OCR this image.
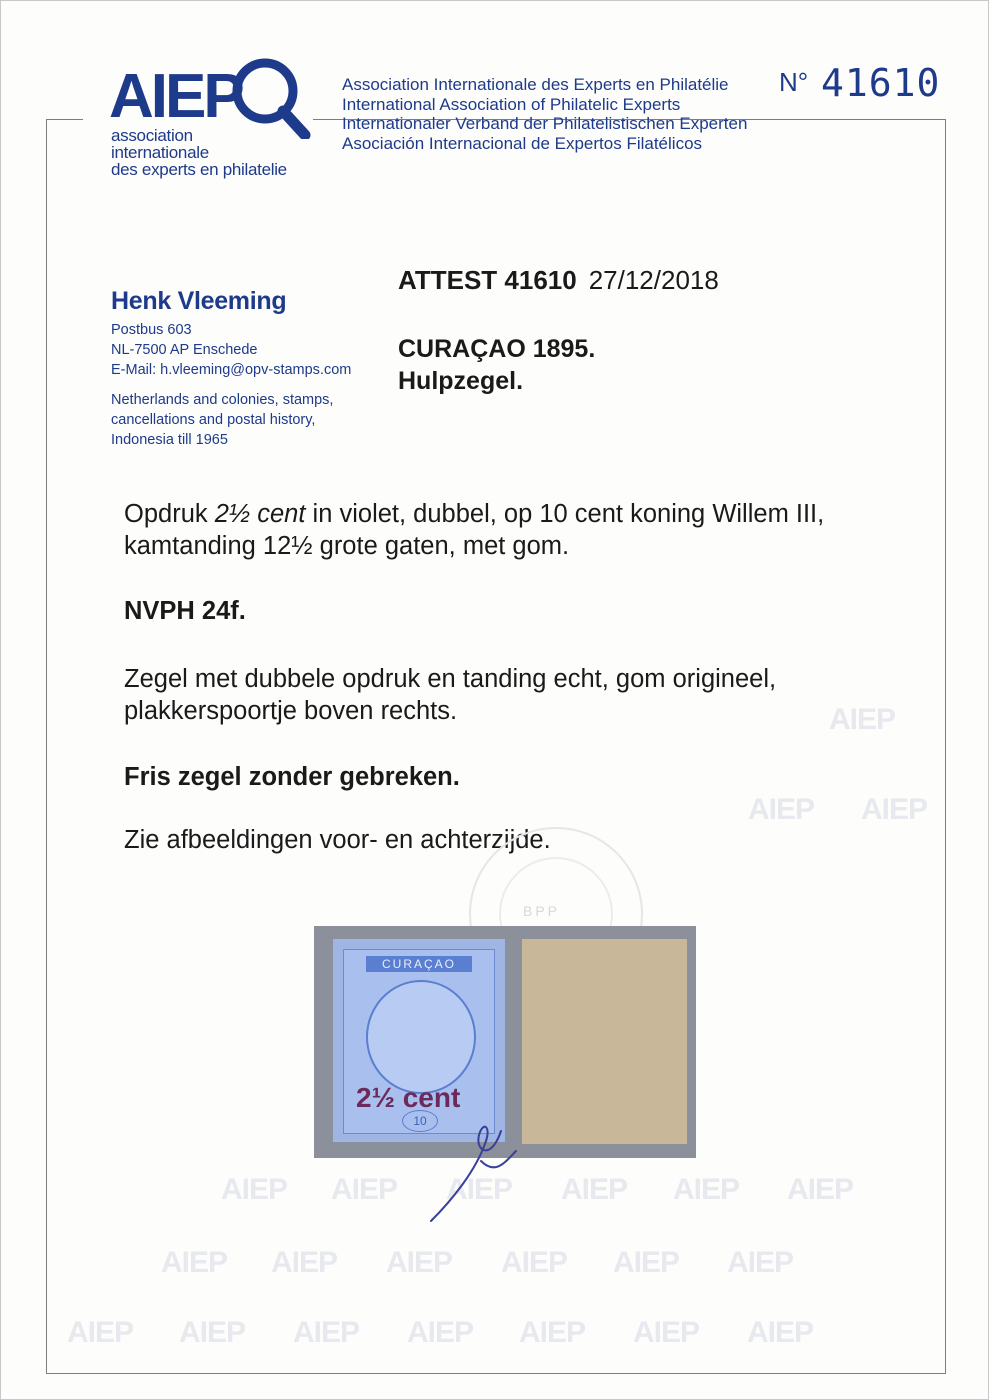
AIEP
AIEP AIEP
AIEP AIEP AIEP AIEP AIEP AIEP
AIEP AIEP AIEP AIEP AIEP AIEP
AIEP AIEP AIEP AIEP AIEP AIEP AIEP
AIEP
association
internationale
des experts en philatelie
Association Internationale des Experts en Philatélie
International Association of Philatelic Experts
Internationaler Verband der Philatelistischen Experten
Asociación Internacional de Expertos Filatélicos
N° 41610
Henk Vleeming
Postbus 603
NL-7500 AP Enschede
E-Mail: h.vleeming@opv-stamps.com
Netherlands and colonies, stamps,
cancellations and postal history,
Indonesia till 1965
ATTEST 41610 27/12/2018
CURAÇAO 1895.
Hulpzegel.
Opdruk 2½ cent in violet, dubbel, op 10 cent koning Willem III,
kamtanding 12½ grote gaten, met gom.
NVPH 24f.
Zegel met dubbele opdruk en tanding echt, gom origineel,
plakkerspoortje boven rechts.
Fris zegel zonder gebreken.
Zie afbeeldingen voor- en achterzijde.
BPP
CURAÇAO
2½ cent
10
